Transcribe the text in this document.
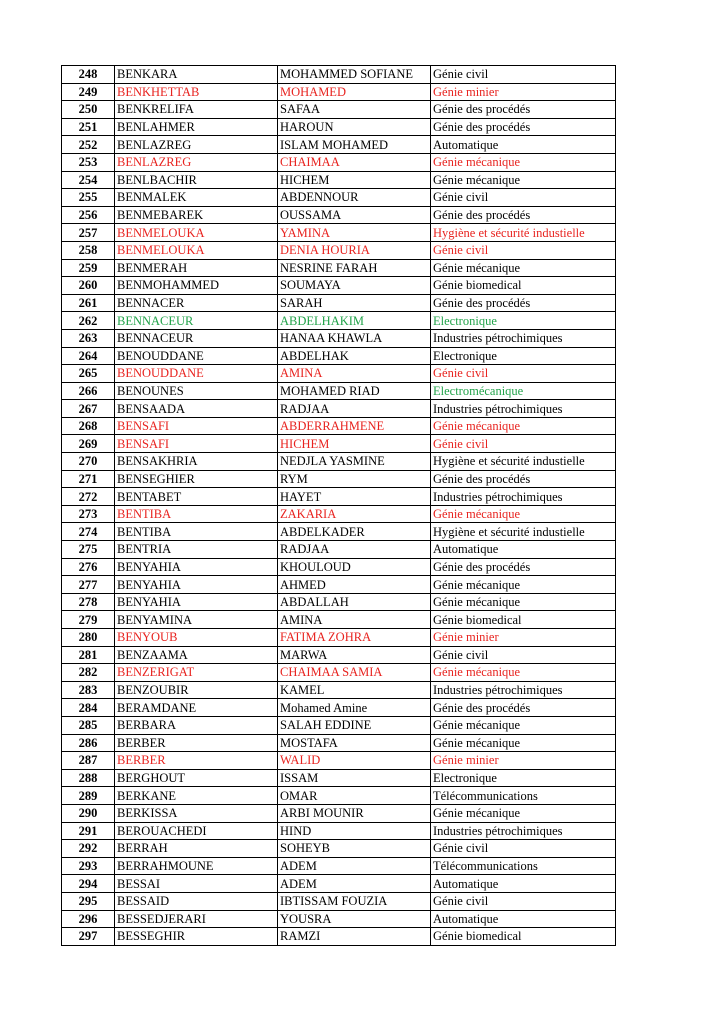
248	BENKARA	MOHAMMED SOFIANE	Génie civil
249	BENKHETTAB	MOHAMED	Génie minier
250	BENKRELIFA	SAFAA	Génie des procédés
251	BENLAHMER	HAROUN	Génie des procédés
252	BENLAZREG	ISLAM MOHAMED	Automatique
253	BENLAZREG	CHAIMAA	Génie mécanique
254	BENLBACHIR	HICHEM	Génie mécanique
255	BENMALEK	ABDENNOUR	Génie civil
256	BENMEBAREK	OUSSAMA	Génie des procédés
257	BENMELOUKA	YAMINA	Hygiène et sécurité industielle
258	BENMELOUKA	DENIA HOURIA	Génie civil
259	BENMERAH	NESRINE FARAH	Génie mécanique
260	BENMOHAMMED	SOUMAYA	Génie biomedical
261	BENNACER	SARAH	Génie des procédés
262	BENNACEUR	ABDELHAKIM	Electronique
263	BENNACEUR	HANAA KHAWLA	Industries pétrochimiques
264	BENOUDDANE	ABDELHAK	Electronique
265	BENOUDDANE	AMINA	Génie civil
266	BENOUNES	MOHAMED RIAD	Electromécanique
267	BENSAADA	RADJAA	Industries pétrochimiques
268	BENSAFI	ABDERRAHMENE	Génie mécanique
269	BENSAFI	HICHEM	Génie civil
270	BENSAKHRIA	NEDJLA YASMINE	Hygiène et sécurité industielle
271	BENSEGHIER	RYM	Génie des procédés
272	BENTABET	HAYET	Industries pétrochimiques
273	BENTIBA	ZAKARIA	Génie mécanique
274	BENTIBA	ABDELKADER	Hygiène et sécurité industielle
275	BENTRIA	RADJAA	Automatique
276	BENYAHIA	KHOULOUD	Génie des procédés
277	BENYAHIA	AHMED	Génie mécanique
278	BENYAHIA	ABDALLAH	Génie mécanique
279	BENYAMINA	AMINA	Génie biomedical
280	BENYOUB	FATIMA ZOHRA	Génie minier
281	BENZAAMA	MARWA	Génie civil
282	BENZERIGAT	CHAIMAA SAMIA	Génie mécanique
283	BENZOUBIR	KAMEL	Industries pétrochimiques
284	BERAMDANE	Mohamed Amine	Génie des procédés
285	BERBARA	SALAH EDDINE	Génie mécanique
286	BERBER	MOSTAFA	Génie mécanique
287	BERBER	WALID	Génie minier
288	BERGHOUT	ISSAM	Electronique
289	BERKANE	OMAR	Télécommunications
290	BERKISSA	ARBI MOUNIR	Génie mécanique
291	BEROUACHEDI	HIND	Industries pétrochimiques
292	BERRAH	SOHEYB	Génie civil
293	BERRAHMOUNE	ADEM	Télécommunications
294	BESSAI	ADEM	Automatique
295	BESSAID	IBTISSAM FOUZIA	Génie civil
296	BESSEDJERARI	YOUSRA	Automatique
297	BESSEGHIR	RAMZI	Génie biomedical
